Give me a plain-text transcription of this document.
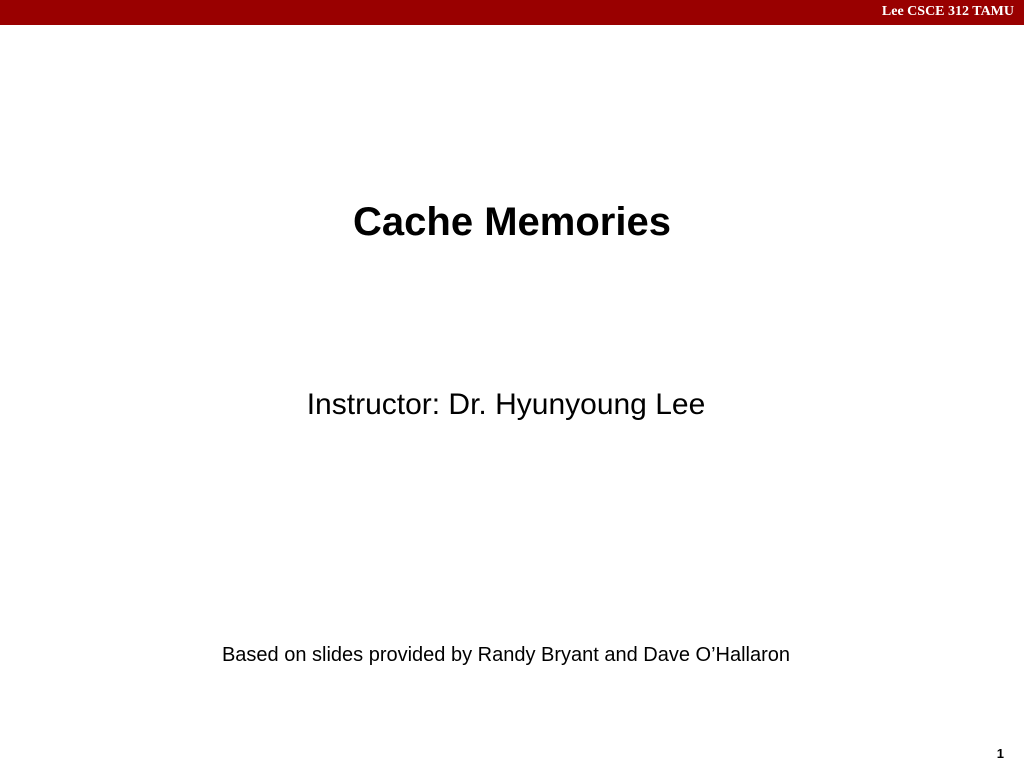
Lee CSCE 312 TAMU
Cache Memories
Instructor: Dr. Hyunyoung Lee
Based on slides provided by Randy Bryant and Dave O’Hallaron
1
